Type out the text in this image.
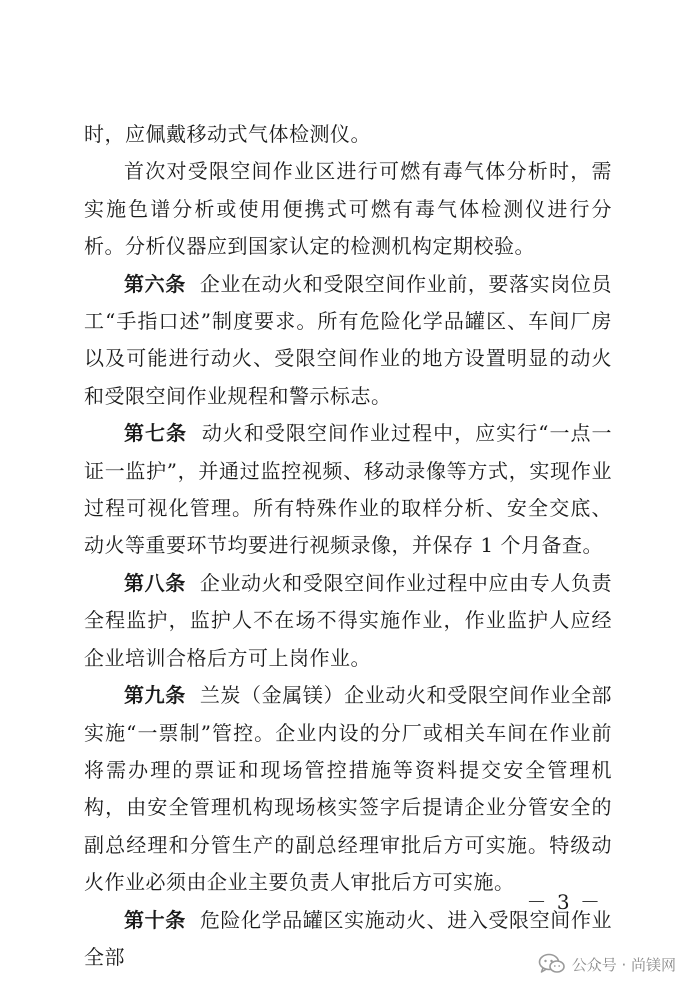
时，应佩戴移动式气体检测仪。

首次对受限空间作业区进行可燃有毒气体分析时，需实施色谱分析或使用便携式可燃有毒气体检测仪进行分析。分析仪器应到国家认定的检测机构定期校验。

第六条 企业在动火和受限空间作业前，要落实岗位员工“手指口述”制度要求。所有危险化学品罐区、车间厂房以及可能进行动火、受限空间作业的地方设置明显的动火和受限空间作业规程和警示标志。

第七条 动火和受限空间作业过程中，应实行“一点一证一监护”，并通过监控视频、移动录像等方式，实现作业过程可视化管理。所有特殊作业的取样分析、安全交底、动火等重要环节均要进行视频录像，并保存 1 个月备查。

第八条 企业动火和受限空间作业过程中应由专人负责全程监护，监护人不在场不得实施作业，作业监护人应经企业培训合格后方可上岗作业。

第九条 兰炭（金属镁）企业动火和受限空间作业全部实施“一票制”管控。企业内设的分厂或相关车间在作业前将需办理的票证和现场管控措施等资料提交安全管理机构，由安全管理机构现场核实签字后提请企业分管安全的副总经理和分管生产的副总经理审批后方可实施。特级动火作业必须由企业主要负责人审批后方可实施。

第十条 危险化学品罐区实施动火、进入受限空间作业全部

－ 3 －
公众号 · 尚镁网
